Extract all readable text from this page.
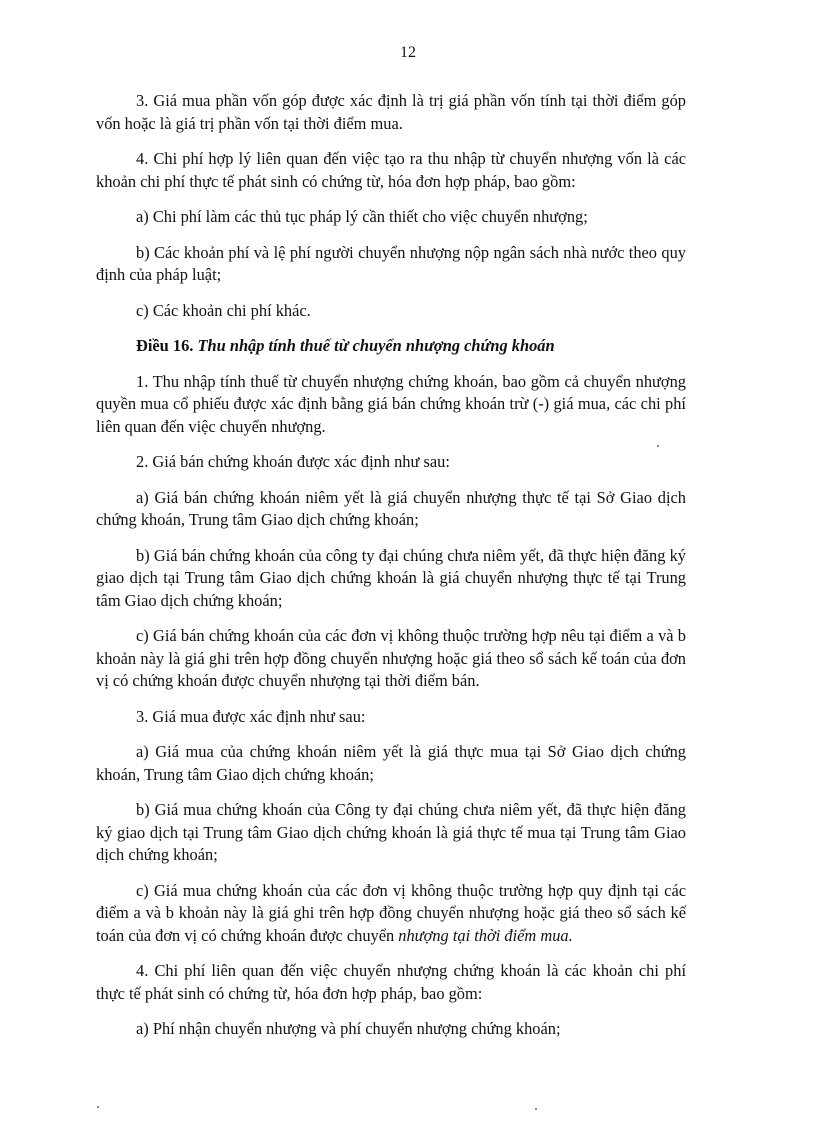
12

3. Giá mua phần vốn góp được xác định là trị giá phần vốn tính tại thời điểm góp vốn hoặc là giá trị phần vốn tại thời điểm mua.

4. Chi phí hợp lý liên quan đến việc tạo ra thu nhập từ chuyển nhượng vốn là các khoản chi phí thực tế phát sinh có chứng từ, hóa đơn hợp pháp, bao gồm:

a) Chi phí làm các thủ tục pháp lý cần thiết cho việc chuyển nhượng;

b) Các khoản phí và lệ phí người chuyển nhượng nộp ngân sách nhà nước theo quy định của pháp luật;

c) Các khoản chi phí khác.

Điều 16. Thu nhập tính thuế từ chuyển nhượng chứng khoán

1. Thu nhập tính thuế từ chuyển nhượng chứng khoán, bao gồm cả chuyển nhượng quyền mua cổ phiếu được xác định bằng giá bán chứng khoán trừ (-) giá mua, các chi phí liên quan đến việc chuyển nhượng.

2. Giá bán chứng khoán được xác định như sau:

a) Giá bán chứng khoán niêm yết là giá chuyển nhượng thực tế tại Sở Giao dịch chứng khoán, Trung tâm Giao dịch chứng khoán;

b) Giá bán chứng khoán của công ty đại chúng chưa niêm yết, đã thực hiện đăng ký giao dịch tại Trung tâm Giao dịch chứng khoán là giá chuyển nhượng thực tế tại Trung tâm Giao dịch chứng khoán;

c) Giá bán chứng khoán của các đơn vị không thuộc trường hợp nêu tại điểm a và b khoản này là giá ghi trên hợp đồng chuyển nhượng hoặc giá theo sổ sách kế toán của đơn vị có chứng khoán được chuyển nhượng tại thời điểm bán.

3. Giá mua được xác định như sau:

a) Giá mua của chứng khoán niêm yết là giá thực mua tại Sở Giao dịch chứng khoán, Trung tâm Giao dịch chứng khoán;

b) Giá mua chứng khoán của Công ty đại chúng chưa niêm yết, đã thực hiện đăng ký giao dịch tại Trung tâm Giao dịch chứng khoán là giá thực tế mua tại Trung tâm Giao dịch chứng khoán;

c) Giá mua chứng khoán của các đơn vị không thuộc trường hợp quy định tại các điểm a và b khoản này là giá ghi trên hợp đồng chuyển nhượng hoặc giá theo sổ sách kế toán của đơn vị có chứng khoán được chuyển nhượng tại thời điểm mua.

4. Chi phí liên quan đến việc chuyển nhượng chứng khoán là các khoản chi phí thực tế phát sinh có chứng từ, hóa đơn hợp pháp, bao gồm:

a) Phí nhận chuyển nhượng và phí chuyển nhượng chứng khoán;
